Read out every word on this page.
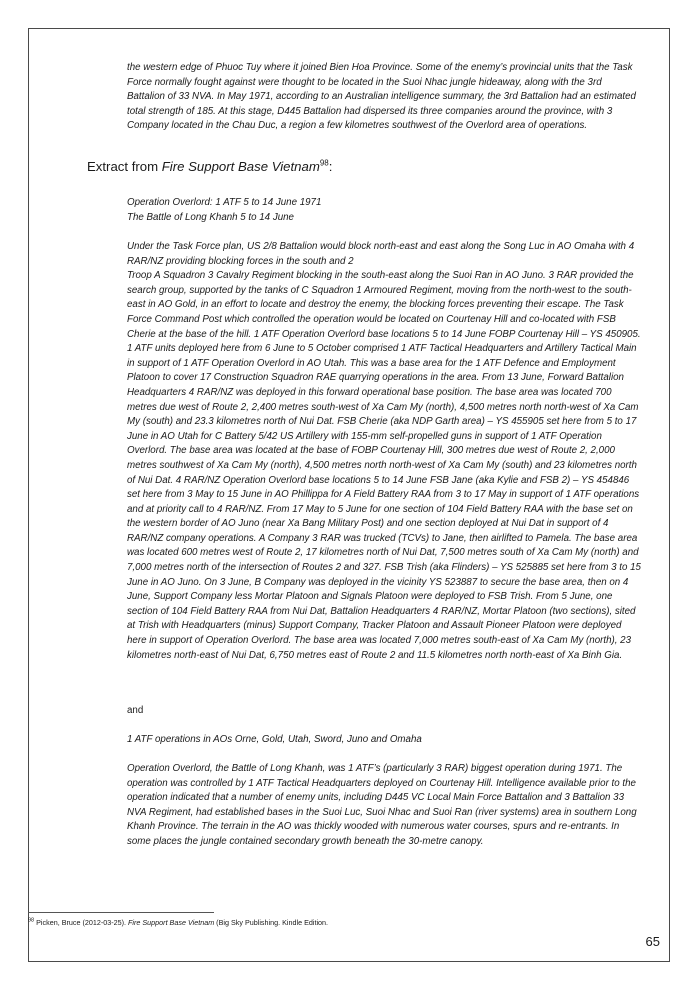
the western edge of Phuoc Tuy where it joined Bien Hoa Province. Some of the enemy’s provincial units that the Task Force normally fought against were thought to be located in the Suoi Nhac jungle hideaway, along with the 3rd Battalion of 33 NVA. In May 1971, according to an Australian intelligence summary, the 3rd Battalion had an estimated total strength of 185. At this stage, D445 Battalion had dispersed its three companies around the province, with 3 Company located in the Chau Duc, a region a few kilometres southwest of the Overlord area of operations.

Extract from Fire Support Base Vietnam$^{98}$:

Operation Overlord: 1 ATF 5 to 14 June 1971
The Battle of Long Khanh 5 to 14 June
Under the Task Force plan, US 2/8 Battalion would block north-east and east along the Song Luc in AO Omaha with 4 RAR/NZ providing blocking forces in the south and 2
Troop A Squadron 3 Cavalry Regiment blocking in the south-east along the Suoi Ran in AO Juno. 3 RAR provided the search group, supported by the tanks of C Squadron 1 Armoured Regiment, moving from the north-west to the south-east in AO Gold, in an effort to locate and destroy the enemy, the blocking forces preventing their escape. The Task Force Command Post which controlled the operation would be located on Courtenay Hill and co-located with FSB Cherie at the base of the hill. 1 ATF Operation Overlord base locations 5 to 14 June FOBP Courtenay Hill – YS 450905. 1 ATF units deployed here from 6 June to 5 October comprised 1 ATF Tactical Headquarters and Artillery Tactical Main in support of 1 ATF Operation Overlord in AO Utah. This was a base area for the 1 ATF Defence and Employment Platoon to cover 17 Construction Squadron RAE quarrying operations in the area. From 13 June, Forward Battalion Headquarters 4 RAR/NZ was deployed in this forward operational base position. The base area was located 700 metres due west of Route 2, 2,400 metres south-west of Xa Cam My (north), 4,500 metres north north-west of Xa Cam My (south) and 23.3 kilometres north of Nui Dat. FSB Cherie (aka NDP Garth area) – YS 455905 set here from 5 to 17 June in AO Utah for C Battery 5/42 US Artillery with 155-mm self-propelled guns in support of 1 ATF Operation Overlord. The base area was located at the base of FOBP Courtenay Hill, 300 metres due west of Route 2, 2,000 metres southwest of Xa Cam My (north), 4,500 metres north north-west of Xa Cam My (south) and 23 kilometres north of Nui Dat. 4 RAR/NZ Operation Overlord base locations 5 to 14 June FSB Jane (aka Kylie and FSB 2) – YS 454846 set here from 3 May to 15 June in AO Phillippa for A Field Battery RAA from 3 to 17 May in support of 1 ATF operations and at priority call to 4 RAR/NZ. From 17 May to 5 June for one section of 104 Field Battery RAA with the base set on the western border of AO Juno (near Xa Bang Military Post) and one section deployed at Nui Dat in support of 4 RAR/NZ company operations. A Company 3 RAR was trucked (TCVs) to Jane, then airlifted to Pamela. The base area was located 600 metres west of Route 2, 17 kilometres north of Nui Dat, 7,500 metres south of Xa Cam My (north) and 7,000 metres north of the intersection of Routes 2 and 327. FSB Trish (aka Flinders) – YS 525885 set here from 3 to 15 June in AO Juno. On 3 June, B Company was deployed in the vicinity YS 523887 to secure the base area, then on 4 June, Support Company less Mortar Platoon and Signals Platoon were deployed to FSB Trish. From 5 June, one section of 104 Field Battery RAA from Nui Dat, Battalion Headquarters 4 RAR/NZ, Mortar Platoon (two sections), sited at Trish with Headquarters (minus) Support Company, Tracker Platoon and Assault Pioneer Platoon were deployed here in support of Operation Overlord. The base area was located 7,000 metres south-east of Xa Cam My (north), 23 kilometres north-east of Nui Dat, 6,750 metres east of Route 2 and 11.5 kilometres north north-east of Xa Binh Gia.

and

1 ATF operations in AOs Orne, Gold, Utah, Sword, Juno and Omaha

Operation Overlord, the Battle of Long Khanh, was 1 ATF’s (particularly 3 RAR) biggest operation during 1971. The operation was controlled by 1 ATF Tactical Headquarters deployed on Courtenay Hill. Intelligence available prior to the operation indicated that a number of enemy units, including D445 VC Local Main Force Battalion and 3 Battalion 33 NVA Regiment, had established bases in the Suoi Luc, Suoi Nhac and Suoi Ran (river systems) area in southern Long Khanh Province. The terrain in the AO was thickly wooded with numerous water courses, spurs and re-entrants. In some places the jungle contained secondary growth beneath the 30-metre canopy.

$^{98}$ Picken, Bruce (2012-03-25). Fire Support Base Vietnam (Big Sky Publishing. Kindle Edition.

65
